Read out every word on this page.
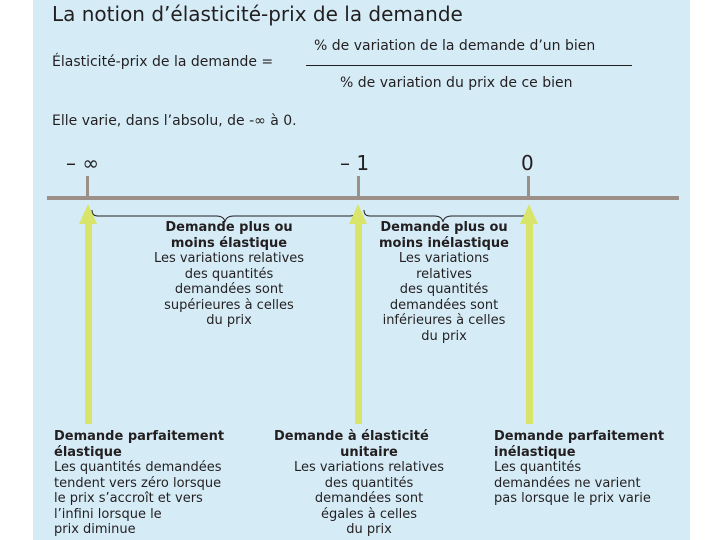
La notion d’élasticité-prix de la demande
Élasticité-prix de la demande =
% de variation de la demande d’un bien
% de variation du prix de ce bien
Elle varie, dans l’absolu, de -∞ à 0.
– ∞	– 1	0
Demande plus ou
moins élastique
Les variations relatives
des quantités
demandées sont
supérieures à celles
du prix
Demande plus ou
moins inélastique
Les variations
relatives
des quantités
demandées sont
inférieures à celles
du prix
Demande parfaitement
élastique
Les quantités demandées
tendent vers zéro lorsque
le prix s’accroît et vers
l’infini lorsque le
prix diminue
Demande à élasticité
unitaire
Les variations relatives
des quantités
demandées sont
égales à celles
du prix
Demande parfaitement
inélastique
Les quantités
demandées ne varient
pas lorsque le prix varie
